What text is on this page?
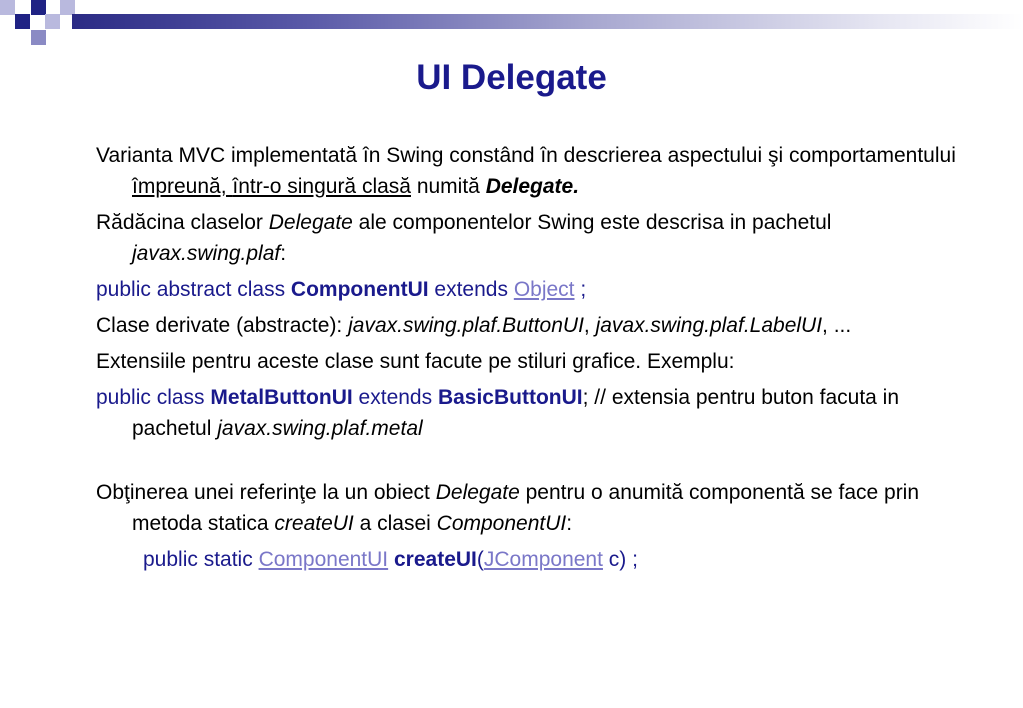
UI Delegate

Varianta MVC implementată în Swing constând în descrierea aspectului şi comportamentului împreună, într-o singură clasă numită Delegate.

Rădăcina claselor Delegate ale componentelor Swing este descrisa in pachetul javax.swing.plaf:

public abstract class ComponentUI extends Object ;

Clase derivate (abstracte): javax.swing.plaf.ButtonUI, javax.swing.plaf.LabelUI, ...

Extensiile pentru aceste clase sunt facute pe stiluri grafice. Exemplu:

public class MetalButtonUI extends BasicButtonUI; // extensia pentru buton facuta in pachetul javax.swing.plaf.metal

Obţinerea unei referinţe la un obiect Delegate pentru o anumită componentă se face prin metoda statica createUI a clasei ComponentUI:

public static ComponentUI createUI(JComponent c) ;
